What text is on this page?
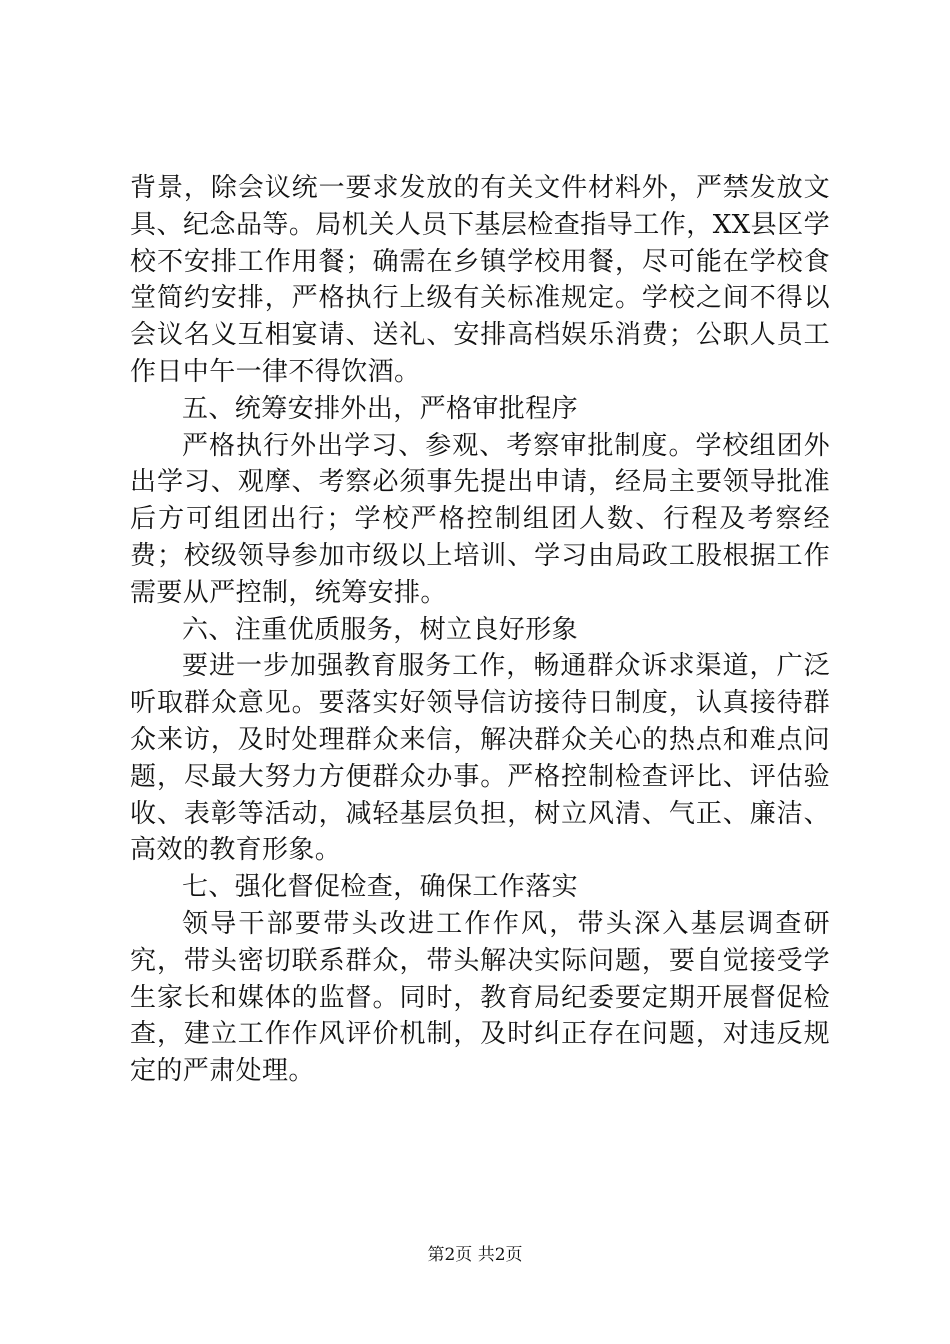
背景，除会议统一要求发放的有关文件材料外，严禁发放文具、纪念品等。局机关人员下基层检查指导工作，XX县区学校不安排工作用餐；确需在乡镇学校用餐，尽可能在学校食堂简约安排，严格执行上级有关标准规定。学校之间不得以会议名义互相宴请、送礼、安排高档娱乐消费；公职人员工作日中午一律不得饮酒。

五、统筹安排外出，严格审批程序

严格执行外出学习、参观、考察审批制度。学校组团外出学习、观摩、考察必须事先提出申请，经局主要领导批准后方可组团出行；学校严格控制组团人数、行程及考察经费；校级领导参加市级以上培训、学习由局政工股根据工作需要从严控制，统筹安排。

六、注重优质服务，树立良好形象

要进一步加强教育服务工作，畅通群众诉求渠道，广泛听取群众意见。要落实好领导信访接待日制度，认真接待群众来访，及时处理群众来信，解决群众关心的热点和难点问题，尽最大努力方便群众办事。严格控制检查评比、评估验收、表彰等活动，减轻基层负担，树立风清、气正、廉洁、高效的教育形象。

七、强化督促检查，确保工作落实

领导干部要带头改进工作作风，带头深入基层调查研究，带头密切联系群众，带头解决实际问题，要自觉接受学生家长和媒体的监督。同时，教育局纪委要定期开展督促检查，建立工作作风评价机制，及时纠正存在问题，对违反规定的严肃处理。

第2页 共2页
